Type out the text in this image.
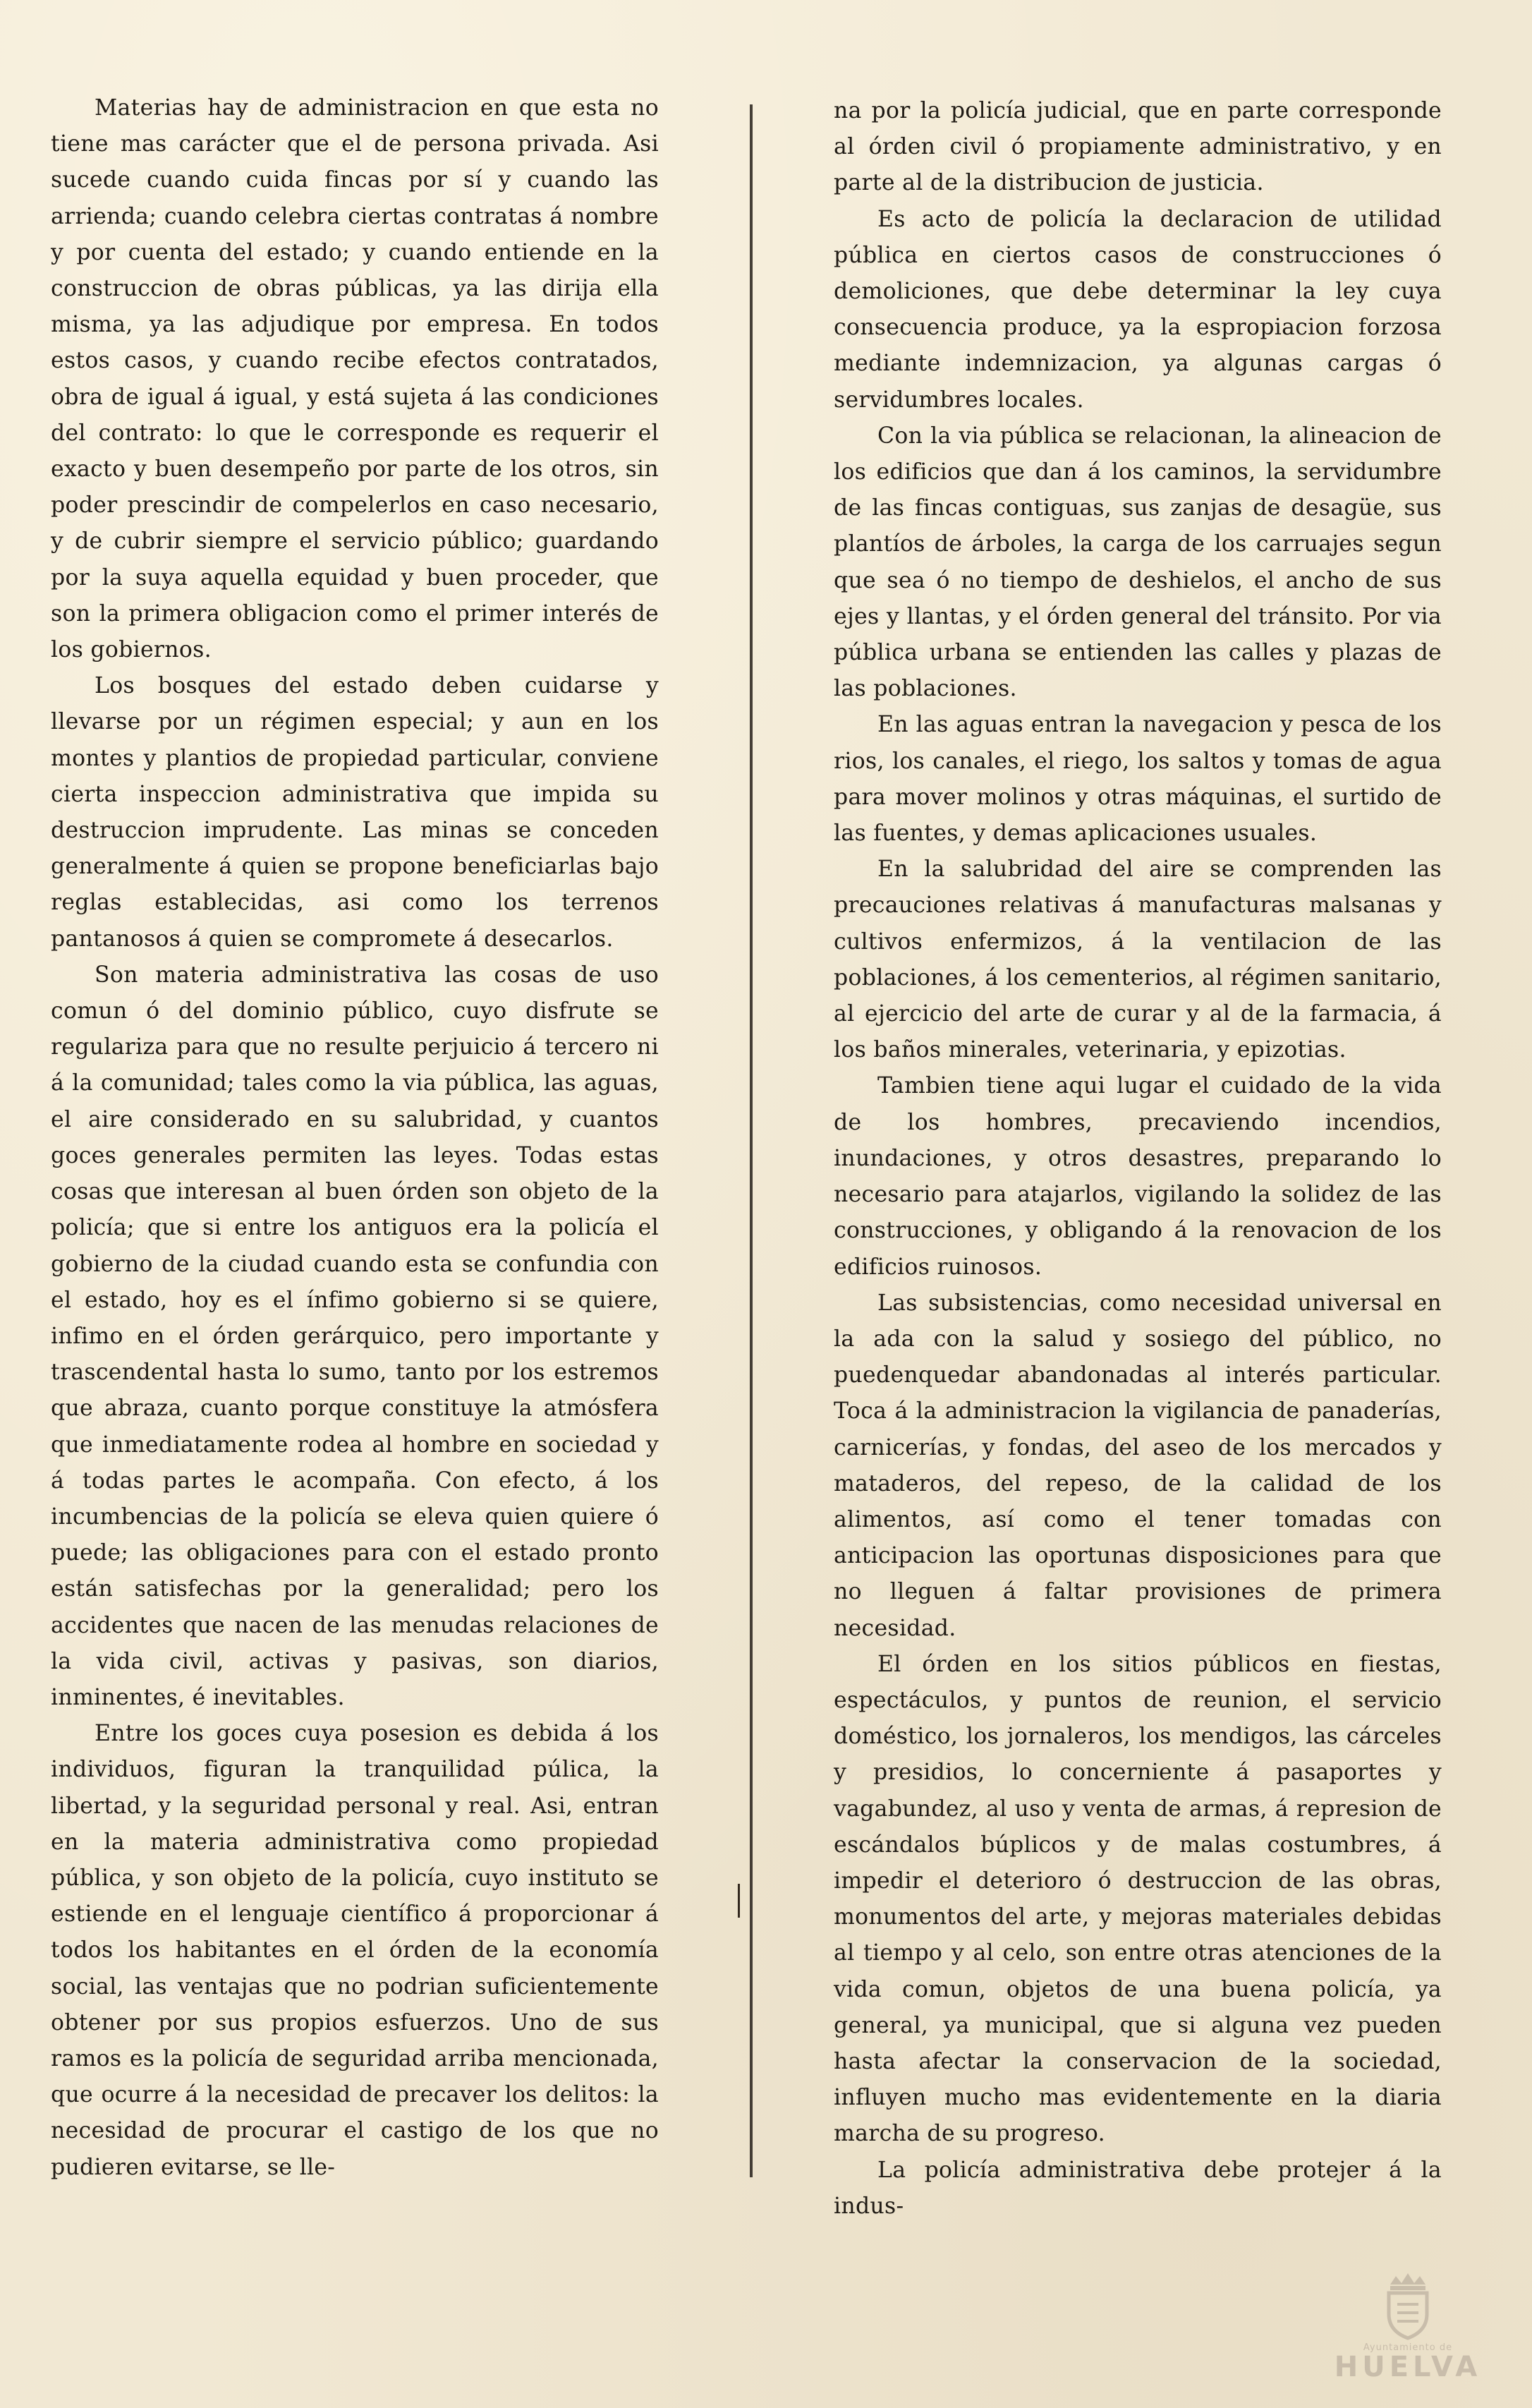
Materias hay de administracion en que esta no tiene mas carácter que el de persona privada. Asi sucede cuando cuida fincas por sí y cuando las arrienda; cuando celebra ciertas contratas á nombre y por cuenta del estado; y cuando entiende en la construccion de obras públicas, ya las dirija ella misma, ya las adjudique por empresa. En todos estos casos, y cuando recibe efectos contratados, obra de igual á igual, y está sujeta á las condiciones del contrato: lo que le corresponde es requerir el exacto y buen desempeño por parte de los otros, sin poder prescindir de compelerlos en caso necesario, y de cubrir siempre el servicio público; guardando por la suya aquella equidad y buen proceder, que son la primera obligacion como el primer interés de los gobiernos.

Los bosques del estado deben cuidarse y llevarse por un régimen especial; y aun en los montes y plantios de propiedad particular, conviene cierta inspeccion administrativa que impida su destruccion imprudente. Las minas se conceden generalmente á quien se propone beneficiarlas bajo reglas establecidas, asi como los terrenos pantanosos á quien se compromete á desecarlos.

Son materia administrativa las cosas de uso comun ó del dominio público, cuyo disfrute se regulariza para que no resulte perjuicio á tercero ni á la comunidad; tales como la via pública, las aguas, el aire considerado en su salubridad, y cuantos goces generales permiten las leyes. Todas estas cosas que interesan al buen órden son objeto de la policía; que si entre los antiguos era la policía el gobierno de la ciudad cuando esta se confundia con el estado, hoy es el ínfimo gobierno si se quiere, infimo en el órden gerárquico, pero importante y trascendental hasta lo sumo, tanto por los estremos que abraza, cuanto porque constituye la atmósfera que inmediatamente rodea al hombre en sociedad y á todas partes le acompaña. Con efecto, á los incumbencias de la policía se eleva quien quiere ó puede; las obligaciones para con el estado pronto están satisfechas por la generalidad; pero los accidentes que nacen de las menudas relaciones de la vida civil, activas y pasivas, son diarios, inminentes, é inevitables.

Entre los goces cuya posesion es debida á los individuos, figuran la tranquilidad púlica, la libertad, y la seguridad personal y real. Asi, entran en la materia administrativa como propiedad pública, y son objeto de la policía, cuyo instituto se estiende en el lenguaje científico á proporcionar á todos los habitantes en el órden de la economía social, las ventajas que no podrian suficientemente obtener por sus propios esfuerzos. Uno de sus ramos es la policía de seguridad arriba mencionada, que ocurre á la necesidad de precaver los delitos: la necesidad de procurar el castigo de los que no pudieren evitarse, se lle-

na por la policía judicial, que en parte corresponde al órden civil ó propiamente administrativo, y en parte al de la distribucion de justicia.

Es acto de policía la declaracion de utilidad pública en ciertos casos de construcciones ó demoliciones, que debe determinar la ley cuya consecuencia produce, ya la espropiacion forzosa mediante indemnizacion, ya algunas cargas ó servidumbres locales.

Con la via pública se relacionan, la alineacion de los edificios que dan á los caminos, la servidumbre de las fincas contiguas, sus zanjas de desagüe, sus plantíos de árboles, la carga de los carruajes segun que sea ó no tiempo de deshielos, el ancho de sus ejes y llantas, y el órden general del tránsito. Por via pública urbana se entienden las calles y plazas de las poblaciones.

En las aguas entran la navegacion y pesca de los rios, los canales, el riego, los saltos y tomas de agua para mover molinos y otras máquinas, el surtido de las fuentes, y demas aplicaciones usuales.

En la salubridad del aire se comprenden las precauciones relativas á manufacturas malsanas y cultivos enfermizos, á la ventilacion de las poblaciones, á los cementerios, al régimen sanitario, al ejercicio del arte de curar y al de la farmacia, á los baños minerales, veterinaria, y epizotias.

Tambien tiene aqui lugar el cuidado de la vida de los hombres, precaviendo incendios, inundaciones, y otros desastres, preparando lo necesario para atajarlos, vigilando la solidez de las construcciones, y obligando á la renovacion de los edificios ruinosos.

Las subsistencias, como necesidad universal en la ada con la salud y sosiego del público, no puedenquedar abandonadas al interés particular. Toca á la administracion la vigilancia de panaderías, carnicerías, y fondas, del aseo de los mercados y mataderos, del repeso, de la calidad de los alimentos, así como el tener tomadas con anticipacion las oportunas disposiciones para que no lleguen á faltar provisiones de primera necesidad.

El órden en los sitios públicos en fiestas, espectáculos, y puntos de reunion, el servicio doméstico, los jornaleros, los mendigos, las cárceles y presidios, lo concerniente á pasaportes y vagabundez, al uso y venta de armas, á represion de escándalos búplicos y de malas costumbres, á impedir el deterioro ó destruccion de las obras, monumentos del arte, y mejoras materiales debidas al tiempo y al celo, son entre otras atenciones de la vida comun, objetos de una buena policía, ya general, ya municipal, que si alguna vez pueden hasta afectar la conservacion de la sociedad, influyen mucho mas evidentemente en la diaria marcha de su progreso.

La policía administrativa debe protejer á la indus-

Ayuntamiento de
HUELVA
